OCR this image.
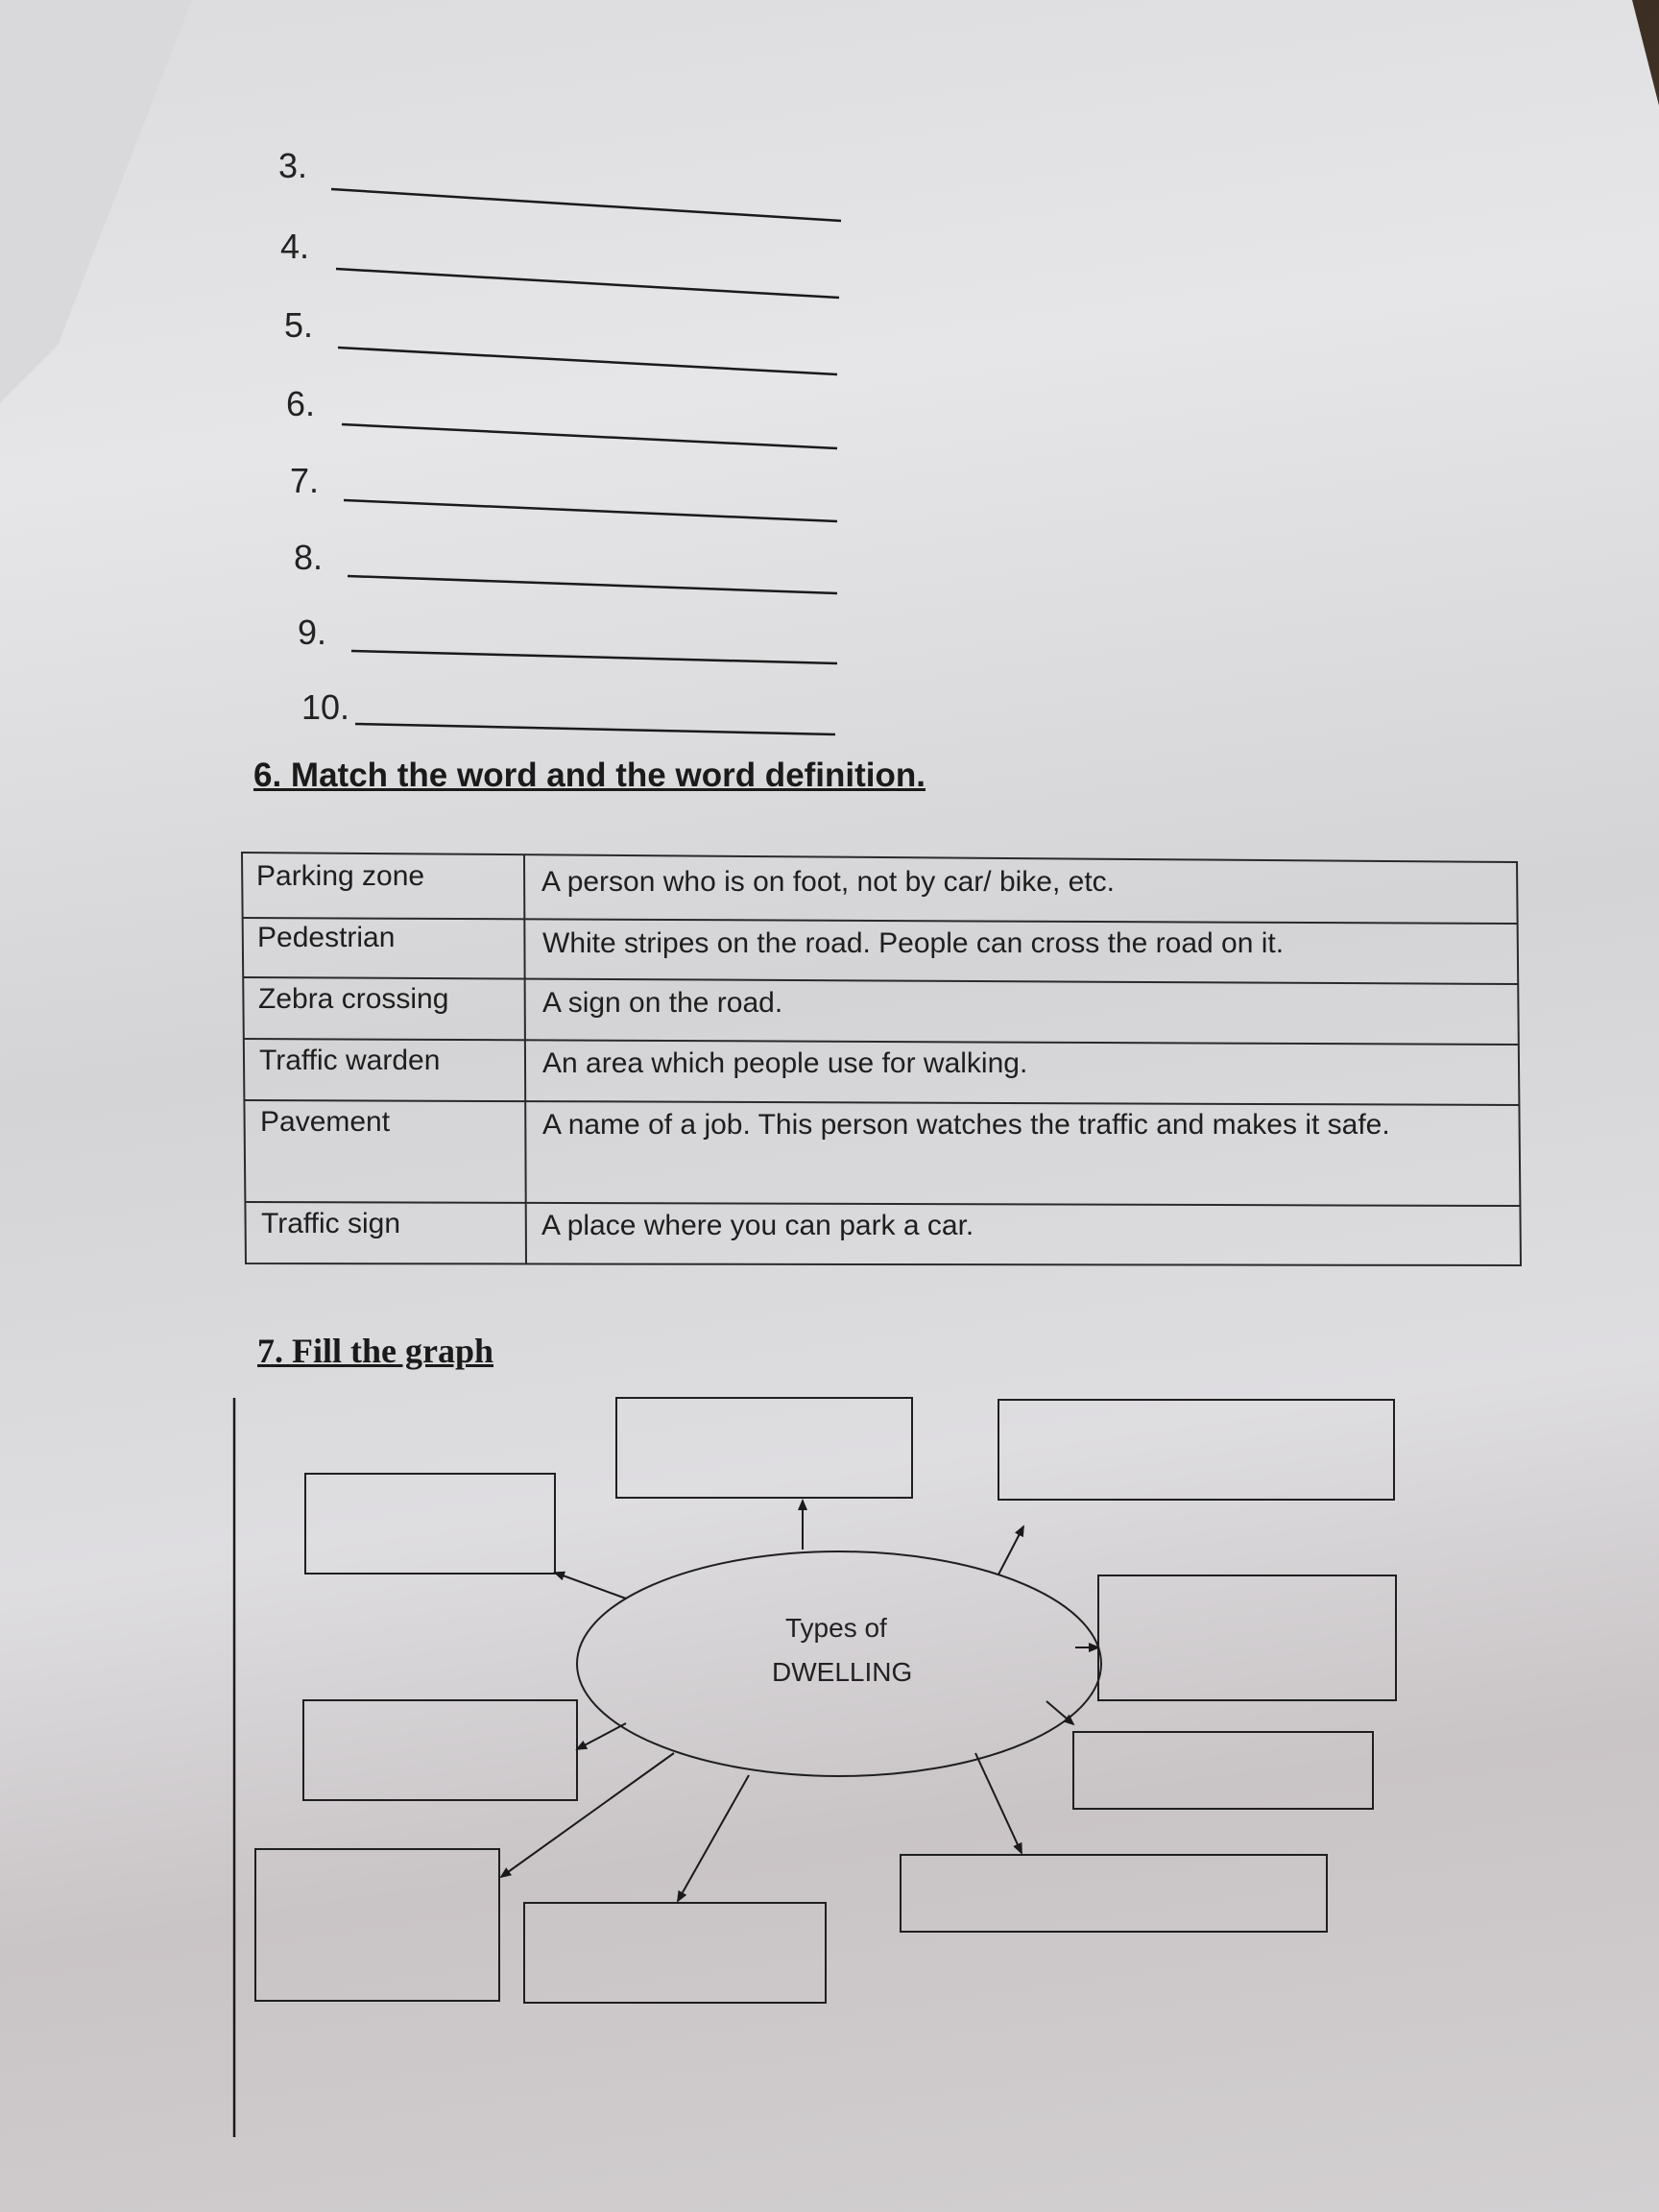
3.
4.
5.
6.
7.
8.
9.
10.
6. Match the word and the word definition.
Parking zone	A person who is on foot, not by car/ bike, etc.
Pedestrian	White stripes on the road. People can cross the road on it.
Zebra crossing	A sign on the road.
Traffic warden	An area which people use for walking.
Pavement	A name of a job. This person watches the traffic and makes it safe.
Traffic sign	A place where you can park a car.
7. Fill the graph
Types of
DWELLING
